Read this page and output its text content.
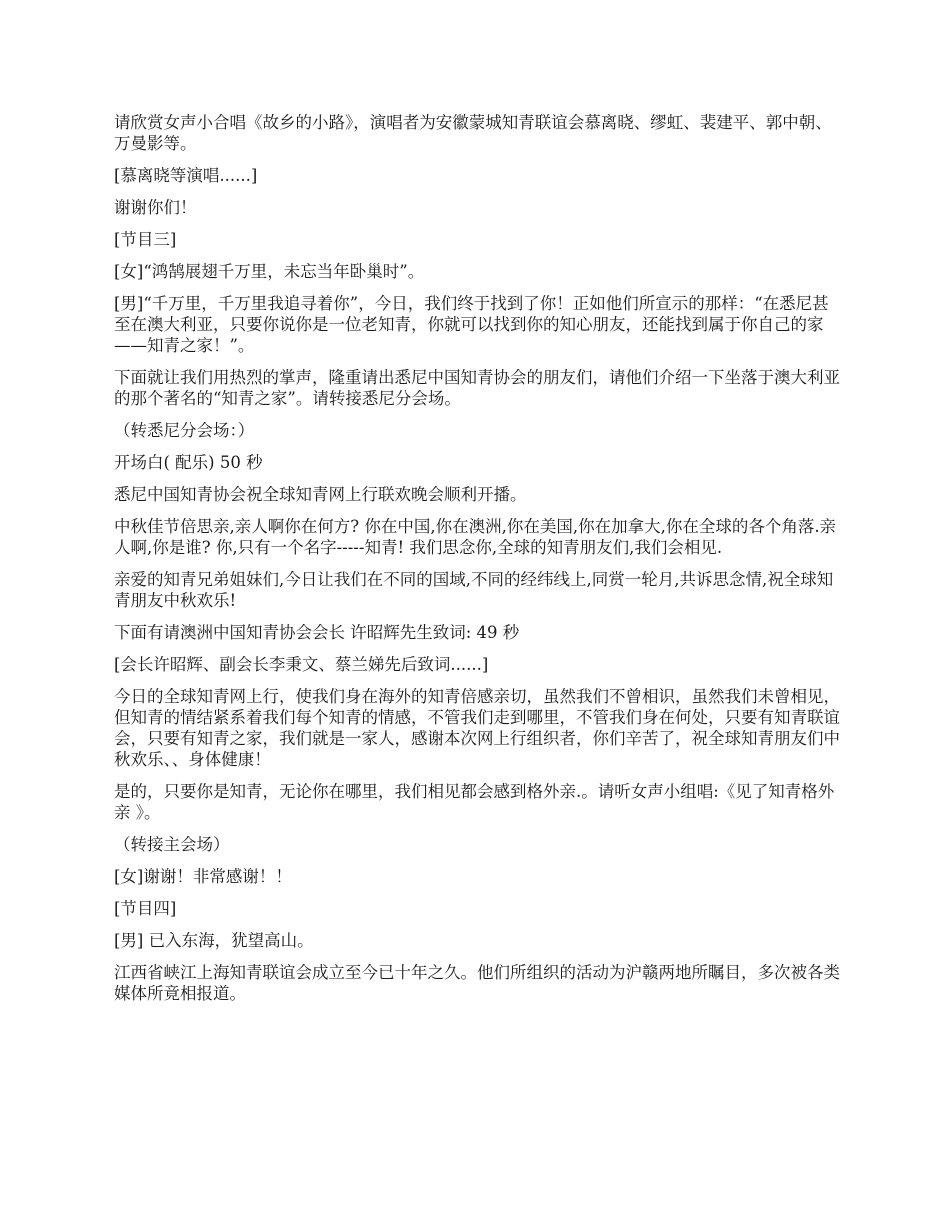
请欣赏女声小合唱《故乡的小路》，演唱者为安徽蒙城知青联谊会慕离晓、缪虹、裴建平、郭中朝、万曼影等。

[慕离晓等演唱......]

谢谢你们！

[节目三]

[女]“鸿鹄展翅千万里，未忘当年卧巢时”。

[男]“千万里，千万里我追寻着你”，今日，我们终于找到了你！正如他们所宣示的那样：“在悉尼甚至在澳大利亚，只要你说你是一位老知青，你就可以找到你的知心朋友，还能找到属于你自己的家——知青之家！”。

下面就让我们用热烈的掌声，隆重请出悉尼中国知青协会的朋友们，请他们介绍一下坐落于澳大利亚的那个著名的“知青之家”。请转接悉尼分会场。

（转悉尼分会场：）

开场白( 配乐) 50 秒

悉尼中国知青协会祝全球知青网上行联欢晚会顺利开播。

中秋佳节倍思亲,亲人啊你在何方? 你在中国,你在澳洲,你在美国,你在加拿大,你在全球的各个角落.亲人啊,你是谁? 你,只有一个名字-----知青! 我们思念你,全球的知青朋友们,我们会相见.

亲爱的知青兄弟姐妹们,今日让我们在不同的国域,不同的经纬线上,同赏一轮月,共诉思念情,祝全球知青朋友中秋欢乐!

下面有请澳洲中国知青协会会长 许昭辉先生致词: 49 秒

[会长许昭辉、副会长李秉文、蔡兰娣先后致词......]

今日的全球知青网上行，使我们身在海外的知青倍感亲切，虽然我们不曾相识，虽然我们未曾相见，但知青的情结紧系着我们每个知青的情感，不管我们走到哪里，不管我们身在何处，只要有知青联谊会，只要有知青之家，我们就是一家人，感谢本次网上行组织者，你们辛苦了，祝全球知青朋友们中秋欢乐、、身体健康！

是的，只要你是知青，无论你在哪里，我们相见都会感到格外亲.。请听女声小组唱:《见了知青格外亲 》。

（转接主会场）

[女]谢谢！非常感谢！！

[节目四]

[男] 已入东海，犹望高山。

江西省峡江上海知青联谊会成立至今已十年之久。他们所组织的活动为沪赣两地所瞩目，多次被各类媒体所竟相报道。
